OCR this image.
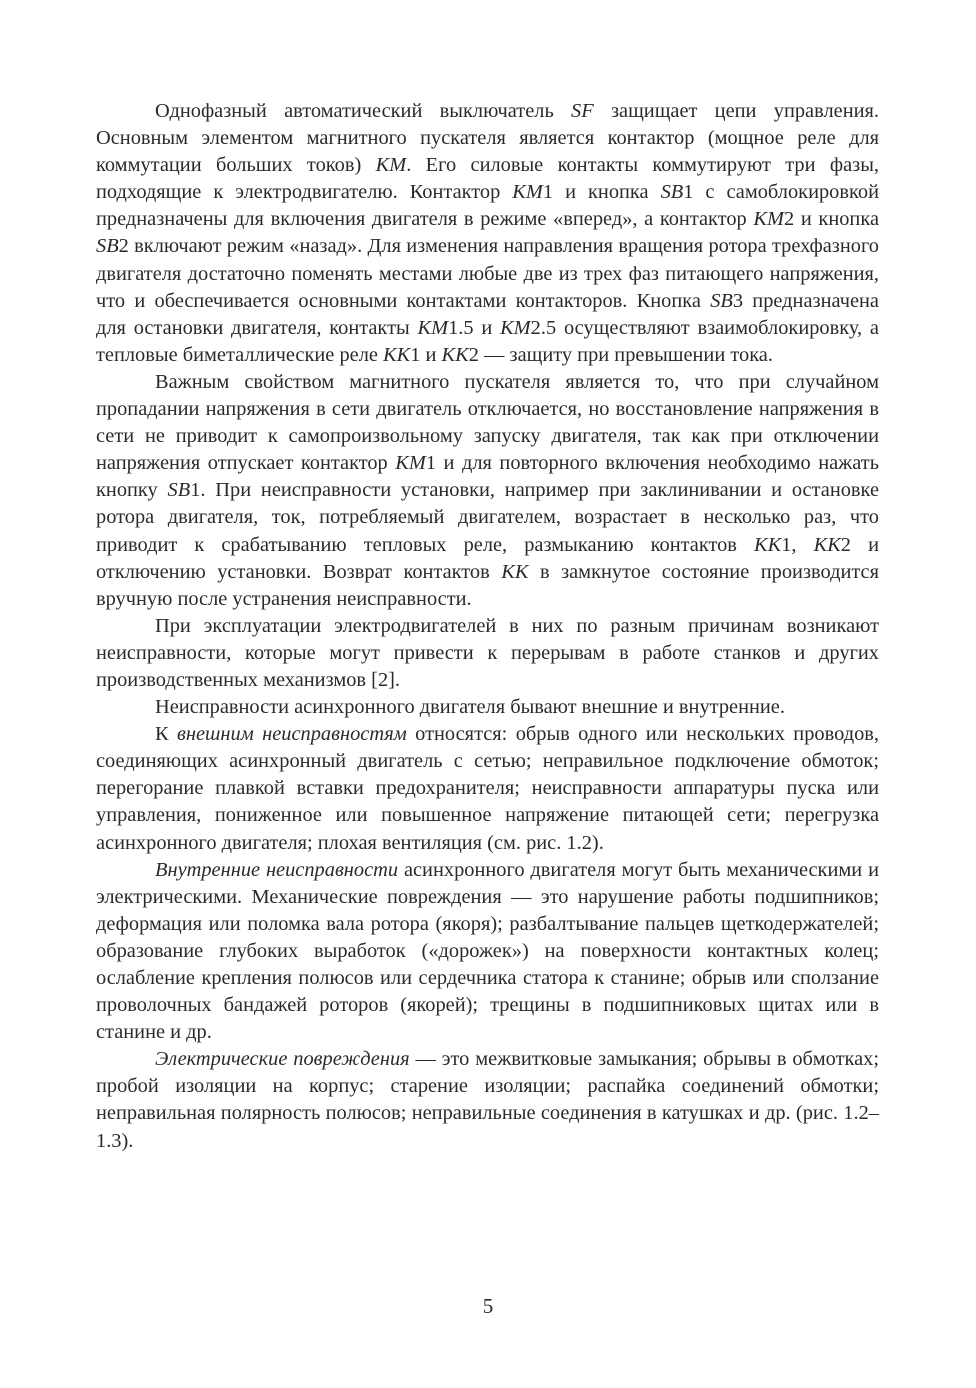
Однофазный автоматический выключатель SF защищает цепи управления. Основным элементом магнитного пускателя является контактор (мощное реле для коммутации больших токов) KM. Его силовые контакты коммутируют три фазы, подходящие к электродвигателю. Контактор KM1 и кнопка SB1 с самоблокировкой предназначены для включения двигателя в режиме «вперед», а контактор KM2 и кнопка SB2 включают режим «назад». Для изменения направления вращения ротора трехфазного двигателя достаточно поменять местами любые две из трех фаз питающего напряжения, что и обеспечивается основными контактами контакторов. Кнопка SB3 предназначена для остановки двигателя, контакты KM1.5 и KM2.5 осуществляют взаимоблокировку, а тепловые биметаллические реле KK1 и KK2 — защиту при превышении тока.

Важным свойством магнитного пускателя является то, что при случайном пропадании напряжения в сети двигатель отключается, но восстановление напряжения в сети не приводит к самопроизвольному запуску двигателя, так как при отключении напряжения отпускает контактор KM1 и для повторного включения необходимо нажать кнопку SB1. При неисправности установки, например при заклинивании и остановке ротора двигателя, ток, потребляемый двигателем, возрастает в несколько раз, что приводит к срабатыванию тепловых реле, размыканию контактов KK1, KK2 и отключению установки. Возврат контактов KK в замкнутое состояние производится вручную после устранения неисправности.

При эксплуатации электродвигателей в них по разным причинам возникают неисправности, которые могут привести к перерывам в работе станков и других производственных механизмов [2].

Неисправности асинхронного двигателя бывают внешние и внутренние.

К внешним неисправностям относятся: обрыв одного или нескольких проводов, соединяющих асинхронный двигатель с сетью; неправильное подключение обмоток; перегорание плавкой вставки предохранителя; неисправности аппаратуры пуска или управления, пониженное или повышенное напряжение питающей сети; перегрузка асинхронного двигателя; плохая вентиляция (см. рис. 1.2).

Внутренние неисправности асинхронного двигателя могут быть механическими и электрическими. Механические повреждения — это нарушение работы подшипников; деформация или поломка вала ротора (якоря); разбалтывание пальцев щеткодержателей; образование глубоких выработок («дорожек») на поверхности контактных колец; ослабление крепления полюсов или сердечника статора к станине; обрыв или сползание проволочных бандажей роторов (якорей); трещины в подшипниковых щитах или в станине и др.

Электрические повреждения — это межвитковые замыкания; обрывы в обмотках; пробой изоляции на корпус; старение изоляции; распайка соединений обмотки; неправильная полярность полюсов; неправильные соединения в катушках и др. (рис. 1.2–1.3).

5
